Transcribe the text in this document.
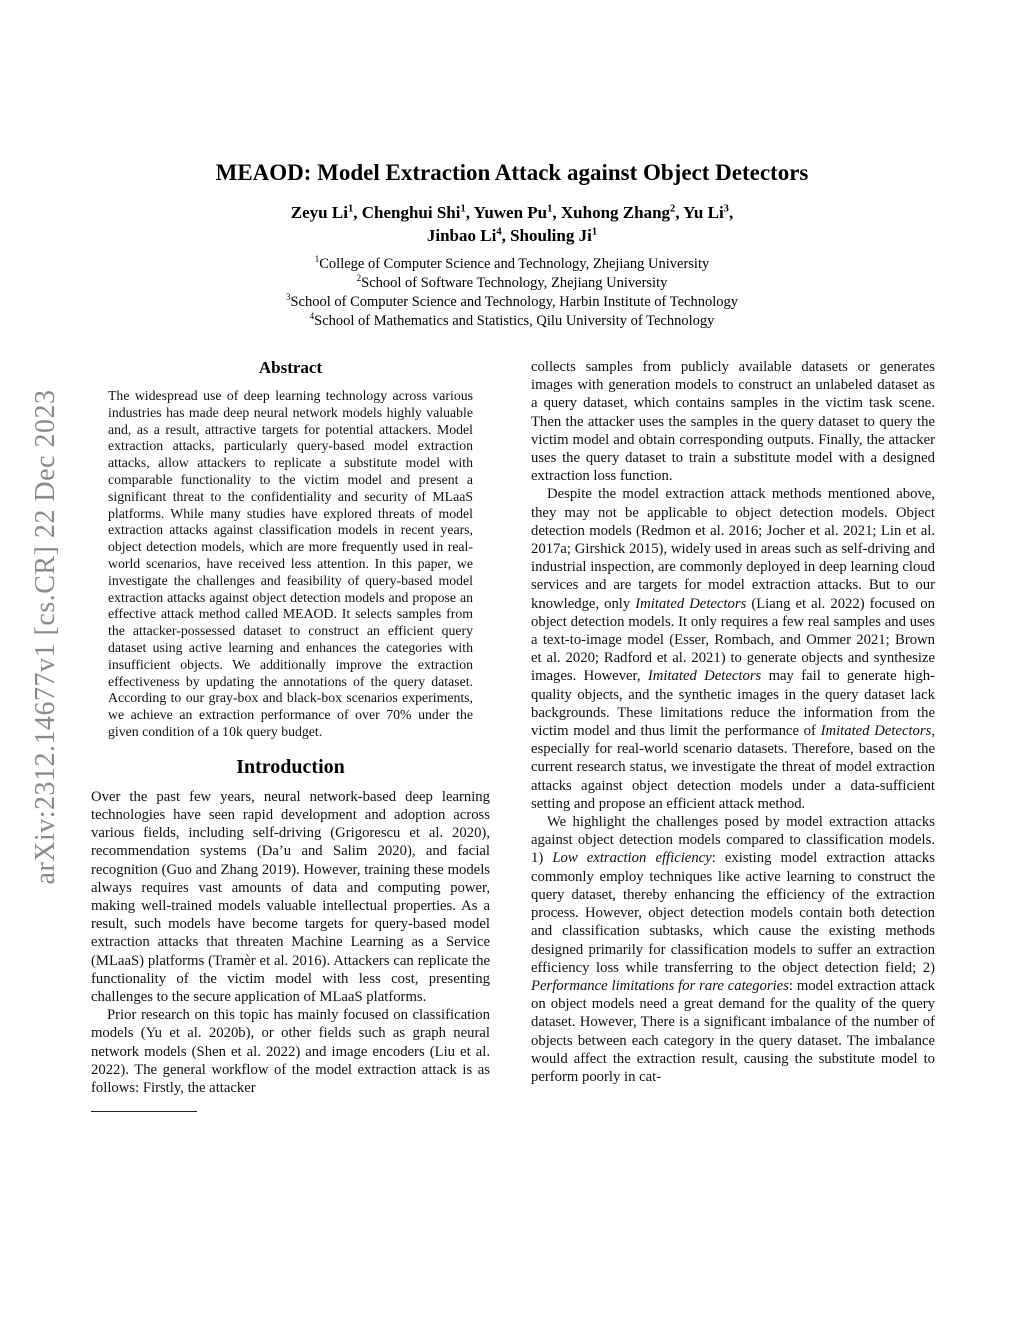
arXiv:2312.14677v1 [cs.CR] 22 Dec 2023
MEAOD: Model Extraction Attack against Object Detectors
Zeyu Li$^1$, Chenghui Shi$^1$, Yuwen Pu$^1$, Xuhong Zhang$^2$, Yu Li$^3$,
Jinbao Li$^4$, Shouling Ji$^1$
$^1$College of Computer Science and Technology, Zhejiang University
$^2$School of Software Technology, Zhejiang University
$^3$School of Computer Science and Technology, Harbin Institute of Technology
$^4$School of Mathematics and Statistics, Qilu University of Technology
Abstract
The widespread use of deep learning technology across various industries has made deep neural network models highly valuable and, as a result, attractive targets for potential attackers. Model extraction attacks, particularly query-based model extraction attacks, allow attackers to replicate a substitute model with comparable functionality to the victim model and present a significant threat to the confidentiality and security of MLaaS platforms. While many studies have explored threats of model extraction attacks against classification models in recent years, object detection models, which are more frequently used in real-world scenarios, have received less attention. In this paper, we investigate the challenges and feasibility of query-based model extraction attacks against object detection models and propose an effective attack method called MEAOD. It selects samples from the attacker-possessed dataset to construct an efficient query dataset using active learning and enhances the categories with insufficient objects. We additionally improve the extraction effectiveness by updating the annotations of the query dataset. According to our gray-box and black-box scenarios experiments, we achieve an extraction performance of over 70% under the given condition of a 10k query budget.
Introduction

Over the past few years, neural network-based deep learning technologies have seen rapid development and adoption across various fields, including self-driving (Grigorescu et al. 2020), recommendation systems (Da’u and Salim 2020), and facial recognition (Guo and Zhang 2019). However, training these models always requires vast amounts of data and computing power, making well-trained models valuable intellectual properties. As a result, such models have become targets for query-based model extraction attacks that threaten Machine Learning as a Service (MLaaS) platforms (Tramèr et al. 2016). Attackers can replicate the functionality of the victim model with less cost, presenting challenges to the secure application of MLaaS platforms.

Prior research on this topic has mainly focused on classification models (Yu et al. 2020b), or other fields such as graph neural network models (Shen et al. 2022) and image encoders (Liu et al. 2022). The general workflow of the model extraction attack is as follows: Firstly, the attacker

collects samples from publicly available datasets or generates images with generation models to construct an unlabeled dataset as a query dataset, which contains samples in the victim task scene. Then the attacker uses the samples in the query dataset to query the victim model and obtain corresponding outputs. Finally, the attacker uses the query dataset to train a substitute model with a designed extraction loss function.

Despite the model extraction attack methods mentioned above, they may not be applicable to object detection models. Object detection models (Redmon et al. 2016; Jocher et al. 2021; Lin et al. 2017a; Girshick 2015), widely used in areas such as self-driving and industrial inspection, are commonly deployed in deep learning cloud services and are targets for model extraction attacks. But to our knowledge, only Imitated Detectors (Liang et al. 2022) focused on object detection models. It only requires a few real samples and uses a text-to-image model (Esser, Rombach, and Ommer 2021; Brown et al. 2020; Radford et al. 2021) to generate objects and synthesize images. However, Imitated Detectors may fail to generate high-quality objects, and the synthetic images in the query dataset lack backgrounds. These limitations reduce the information from the victim model and thus limit the performance of Imitated Detectors, especially for real-world scenario datasets. Therefore, based on the current research status, we investigate the threat of model extraction attacks against object detection models under a data-sufficient setting and propose an efficient attack method.

We highlight the challenges posed by model extraction attacks against object detection models compared to classification models. 1) Low extraction efficiency: existing model extraction attacks commonly employ techniques like active learning to construct the query dataset, thereby enhancing the efficiency of the extraction process. However, object detection models contain both detection and classification subtasks, which cause the existing methods designed primarily for classification models to suffer an extraction efficiency loss while transferring to the object detection field; 2) Performance limitations for rare categories: model extraction attack on object models need a great demand for the quality of the query dataset. However, There is a significant imbalance of the number of objects between each category in the query dataset. The imbalance would affect the extraction result, causing the substitute model to perform poorly in cat-
